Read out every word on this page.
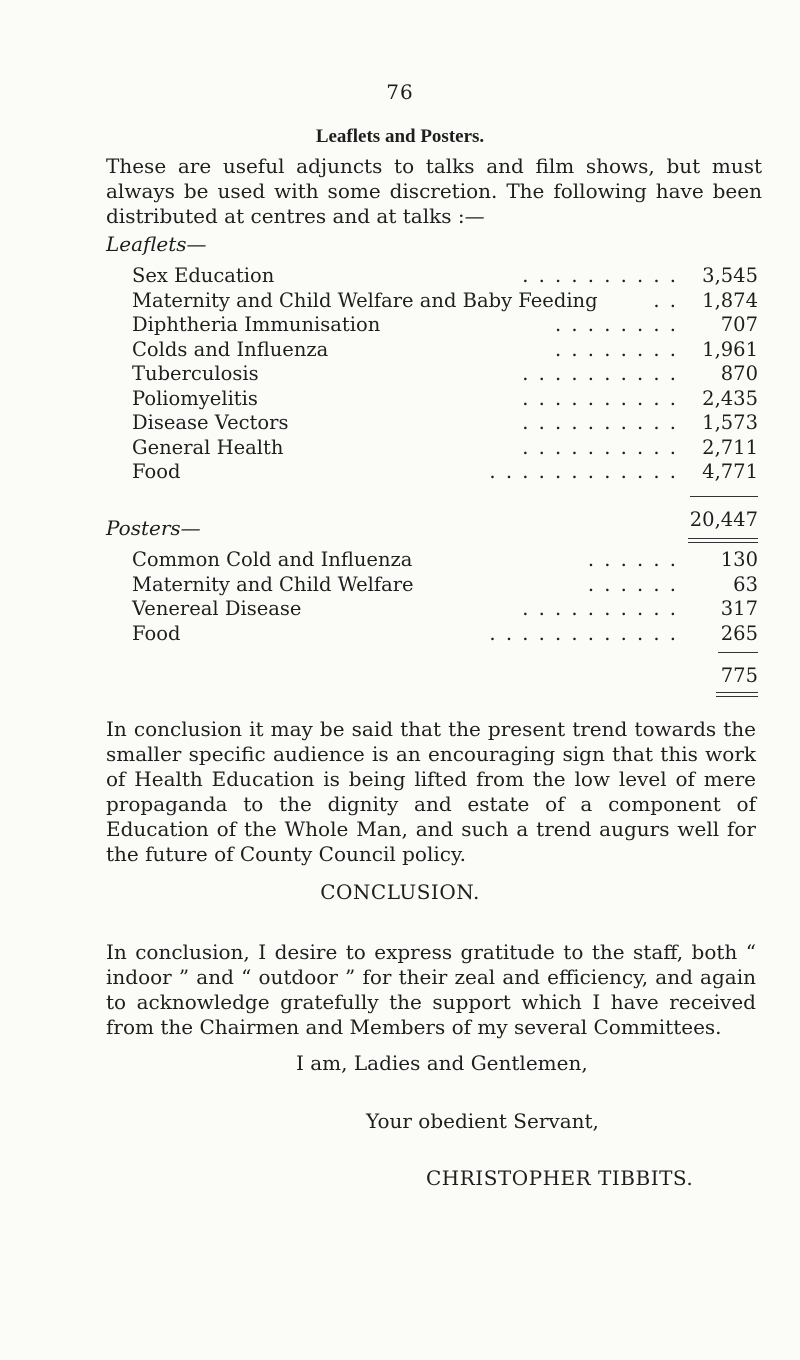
76
Leaflets and Posters.
These are useful adjuncts to talks and film shows, but must always be used with some discretion. The following have been distributed at centres and at talks :—
Leaflets—
Sex Education	. . . . . . . . . . 3,545
Maternity and Child Welfare and Baby Feeding	. . 1,874
Diphtheria Immunisation	. . . . . . . . 707
Colds and Influenza	. . . . . . . . 1,961
Tuberculosis	. . . . . . . . . . 870
Poliomyelitis	. . . . . . . . . . 2,435
Disease Vectors	. . . . . . . . . . 1,573
General Health	. . . . . . . . . . 2,711
Food	. . . . . . . . . . . . 4,771
20,447
Posters—
Common Cold and Influenza	. . . . . . 130
Maternity and Child Welfare	. . . . . .	63
Venereal Disease	. . . . . . . . . . 317
Food	. . . . . . . . . . . . 265
775
In conclusion it may be said that the present trend towards the smaller specific audience is an encouraging sign that this work of Health Education is being lifted from the low level of mere propaganda to the dignity and estate of a component of Education of the Whole Man, and such a trend augurs well for the future of County Council policy.
CONCLUSION.
In conclusion, I desire to express gratitude to the staff, both “ indoor ” and “ outdoor ” for their zeal and efficiency, and again to acknowledge gratefully the support which I have received from the Chairmen and Members of my several Committees.
I am, Ladies and Gentlemen,
Your obedient Servant,
CHRISTOPHER TIBBITS.
